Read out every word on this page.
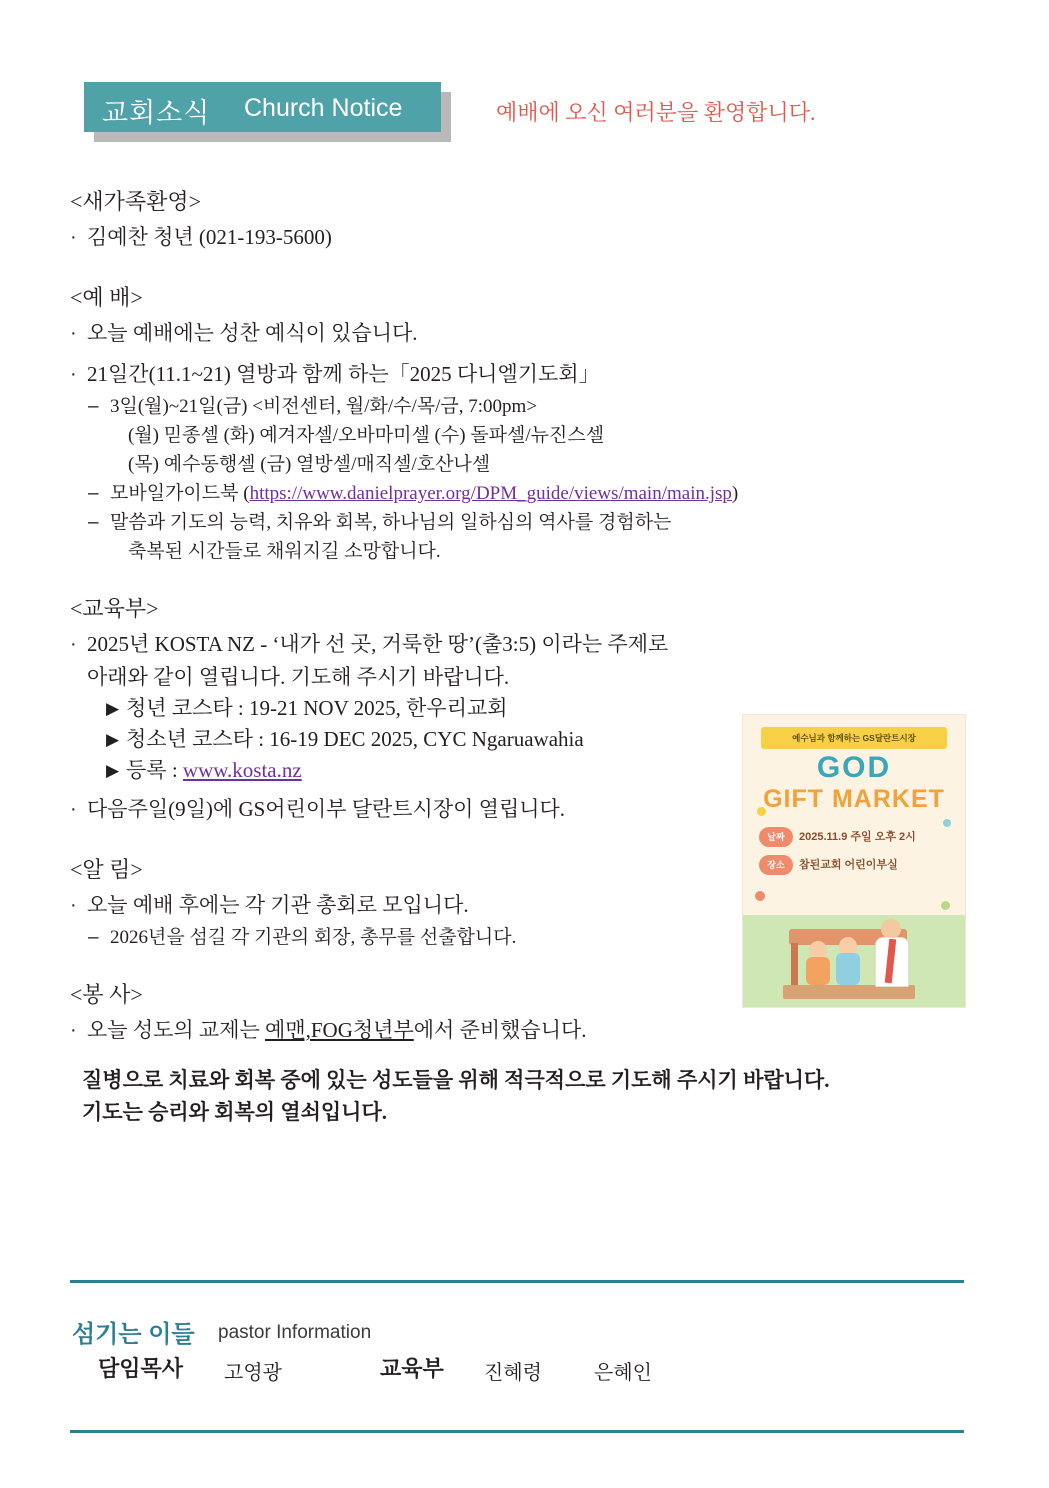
교회소식 Church Notice	예배에 오신 여러분을 환영합니다.
<새가족환영>
· 김예찬 청년 (021-193-5600)
<예 배>
· 오늘 예배에는 성찬 예식이 있습니다.
· 21일간(11.1~21) 열방과 함께 하는「2025 다니엘기도회」
– 3일(월)~21일(금) <비전센터, 월/화/수/목/금, 7:00pm>
(월) 믿종셀 (화) 예겨자셀/오바마미셀 (수) 돌파셀/뉴진스셀
(목) 예수동행셀 (금) 열방셀/매직셀/호산나셀
– 모바일가이드북 (https://www.danielprayer.org/DPM_guide/views/main/main.jsp)
– 말씀과 기도의 능력, 치유와 회복, 하나님의 일하심의 역사를 경험하는
축복된 시간들로 채워지길 소망합니다.
<교육부>
· 2025년 KOSTA NZ - ‘내가 선 곳, 거룩한 땅’(출3:5) 이라는 주제로
아래와 같이 열립니다. 기도해 주시기 바랍니다.
▶ 청년 코스타 : 19-21 NOV 2025, 한우리교회
▶ 청소년 코스타 : 16-19 DEC 2025, CYC Ngaruawahia
▶ 등록 : www.kosta.nz
· 다음주일(9일)에 GS어린이부 달란트시장이 열립니다.
<알 림>
· 오늘 예배 후에는 각 기관 총회로 모입니다.
– 2026년을 섬길 각 기관의 회장, 총무를 선출합니다.
<봉 사>
· 오늘 성도의 교제는 예맨,FOG청년부에서 준비했습니다.
질병으로 치료와 회복 중에 있는 성도들을 위해 적극적으로 기도해 주시기 바랍니다.
기도는 승리와 회복의 열쇠입니다.
예수님과 함께하는 GS달란트시장
GOD
GIFT MARKET
날짜	2025.11.9 주일 오후 2시
장소	참된교회 어린이부실
섬기는 이들 pastor Information
담임목사 고영광	교육부 진혜령	은혜인
